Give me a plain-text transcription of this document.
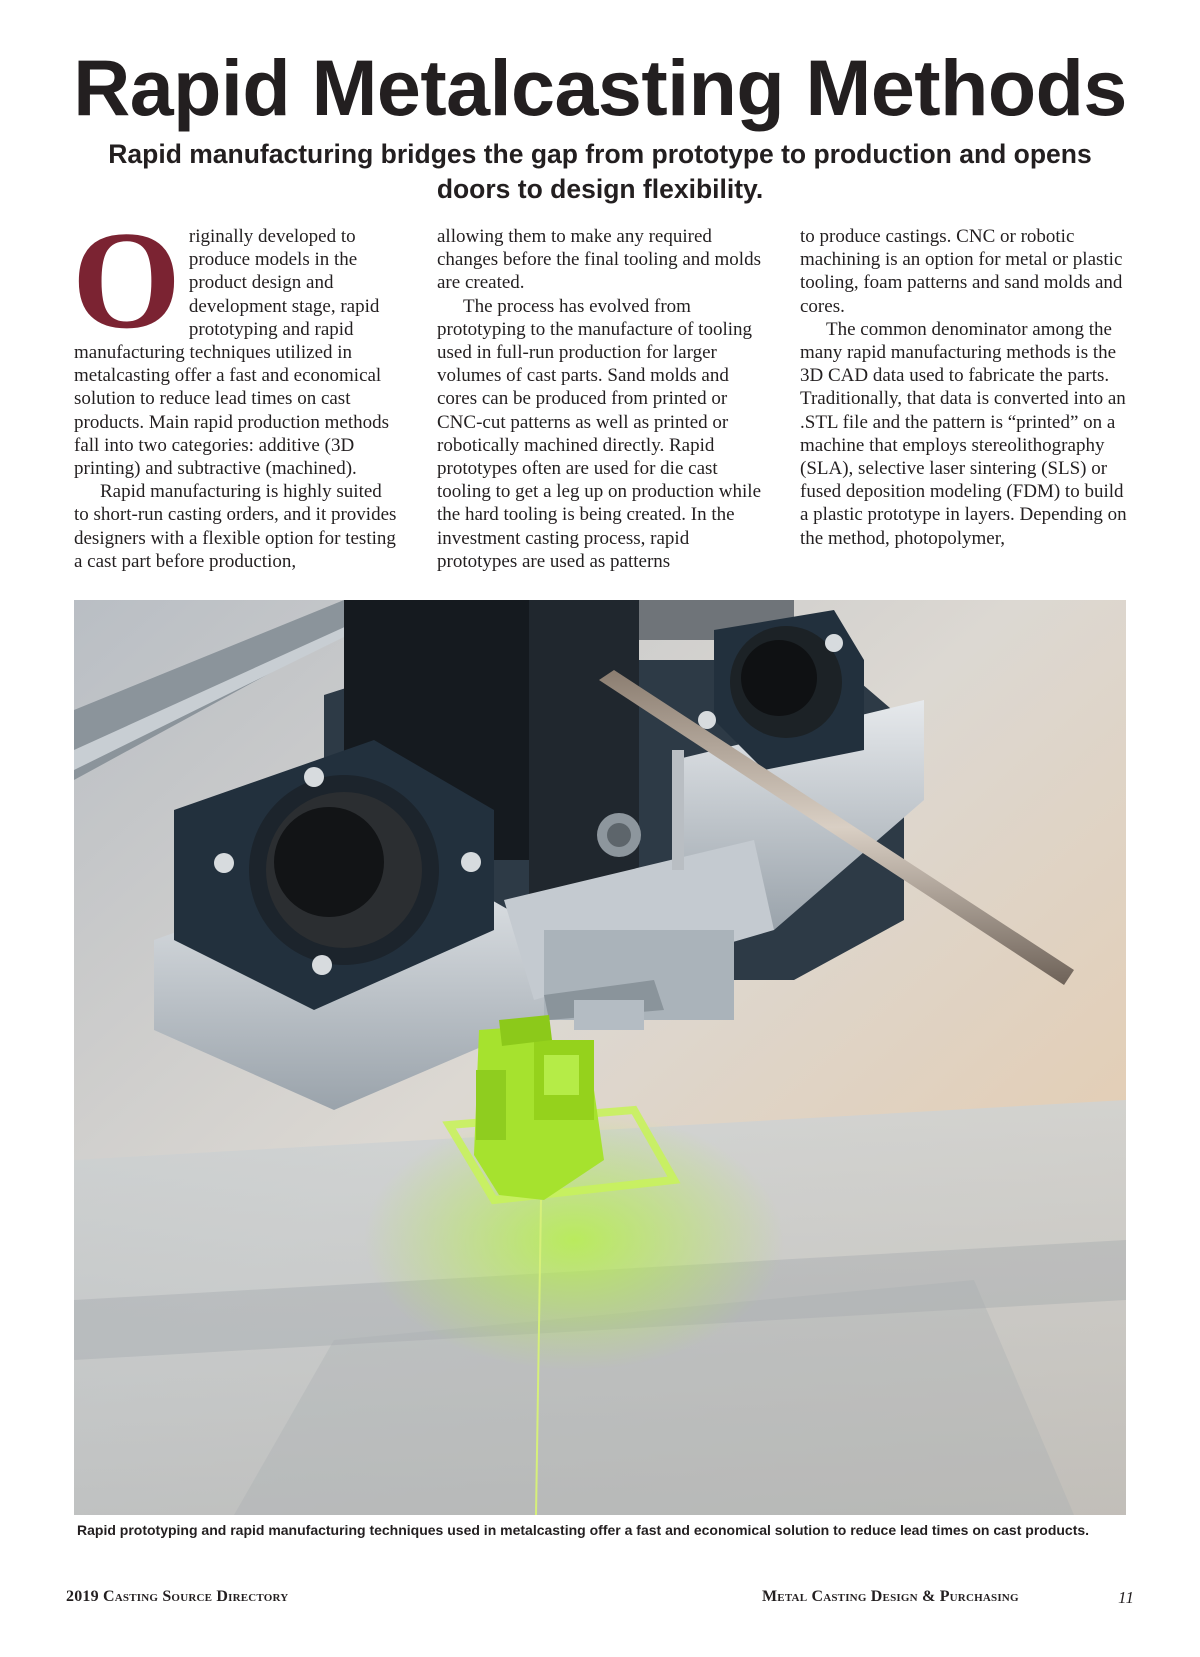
Rapid Metalcasting Methods
Rapid manufacturing bridges the gap from prototype to production and opens doors to design flexibility.

Originally developed to produce models in the product design and development stage, rapid prototyping and rapid manufacturing techniques utilized in metalcasting offer a fast and economical solution to reduce lead times on cast products. Main rapid production methods fall into two categories: additive (3D printing) and subtractive (machined).

Rapid manufacturing is highly suited to short-run casting orders, and it provides designers with a flexible option for testing a cast part before production,

allowing them to make any required changes before the final tooling and molds are created.

The process has evolved from prototyping to the manufacture of tooling used in full-run production for larger volumes of cast parts. Sand molds and cores can be produced from printed or CNC-cut patterns as well as printed or robotically machined directly. Rapid prototypes often are used for die cast tooling to get a leg up on production while the hard tooling is being created. In the investment casting process, rapid prototypes are used as patterns

to produce castings. CNC or robotic machining is an option for metal or plastic tooling, foam patterns and sand molds and cores.

The common denominator among the many rapid manufacturing methods is the 3D CAD data used to fabricate the parts. Traditionally, that data is converted into an .STL file and the pattern is “printed” on a machine that employs stereolithography (SLA), selective laser sintering (SLS) or fused deposition modeling (FDM) to build a plastic prototype in layers. Depending on the method, photopolymer,

Rapid prototyping and rapid manufacturing techniques used in metalcasting offer a fast and economical solution to reduce lead times on cast products.
2019 Casting Source Directory	Metal Casting Design & Purchasing	11
